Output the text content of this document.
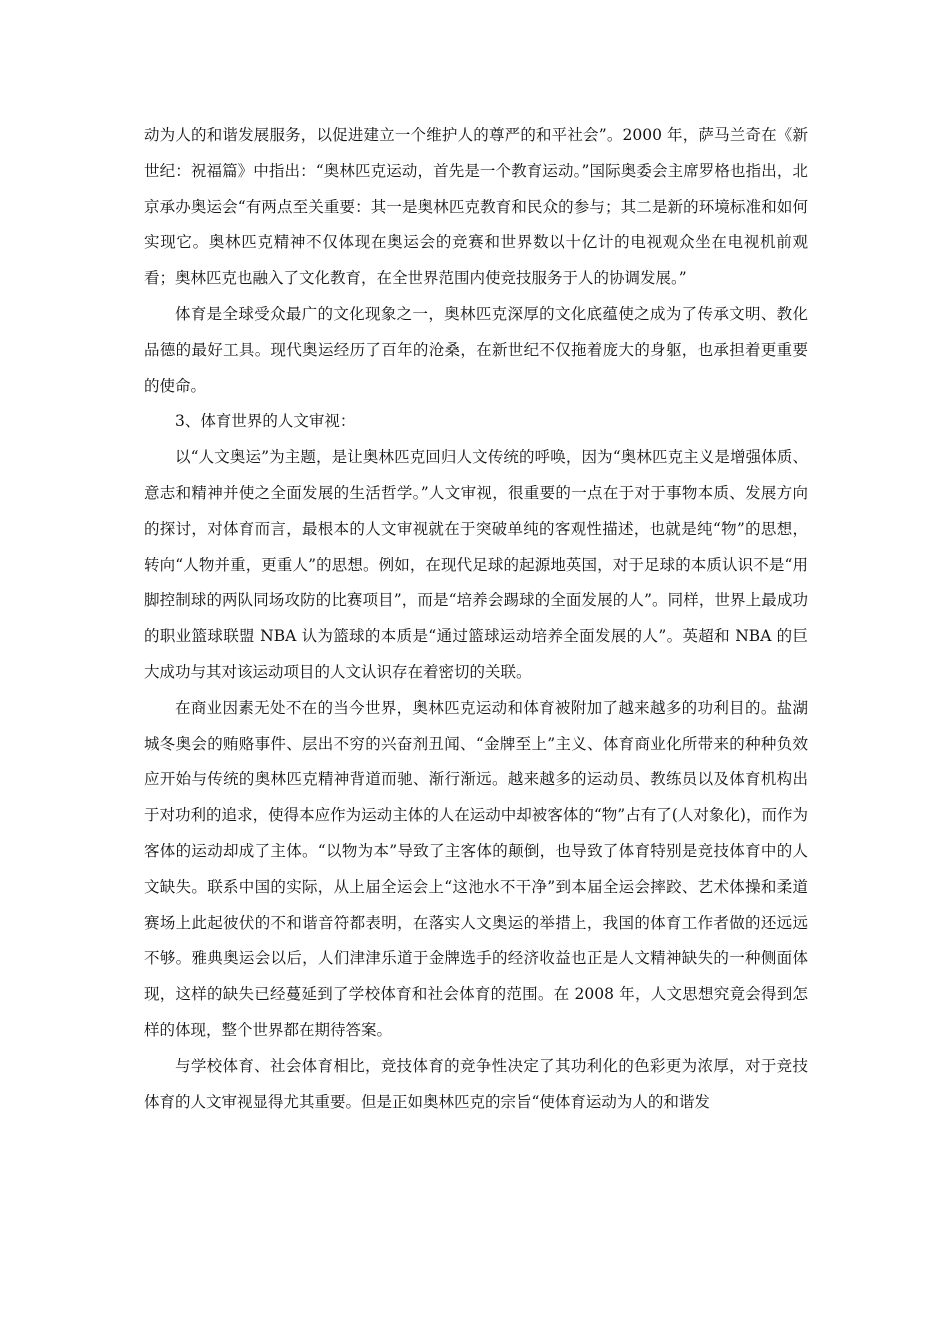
动为人的和谐发展服务，以促进建立一个维护人的尊严的和平社会”。2000 年，萨马兰奇在《新世纪：祝福篇》中指出：“奥林匹克运动，首先是一个教育运动。”国际奥委会主席罗格也指出，北京承办奥运会“有两点至关重要：其一是奥林匹克教育和民众的参与；其二是新的环境标准和如何实现它。奥林匹克精神不仅体现在奥运会的竞赛和世界数以十亿计的电视观众坐在电视机前观看；奥林匹克也融入了文化教育，在全世界范围内使竞技服务于人的协调发展。”

体育是全球受众最广的文化现象之一，奥林匹克深厚的文化底蕴使之成为了传承文明、教化品德的最好工具。现代奥运经历了百年的沧桑，在新世纪不仅拖着庞大的身躯，也承担着更重要的使命。

3、体育世界的人文审视：

以“人文奥运”为主题，是让奥林匹克回归人文传统的呼唤，因为“奥林匹克主义是增强体质、意志和精神并使之全面发展的生活哲学。”人文审视，很重要的一点在于对于事物本质、发展方向的探讨，对体育而言，最根本的人文审视就在于突破单纯的客观性描述，也就是纯“物”的思想，转向“人物并重，更重人”的思想。例如，在现代足球的起源地英国，对于足球的本质认识不是“用脚控制球的两队同场攻防的比赛项目”，而是“培养会踢球的全面发展的人”。同样，世界上最成功的职业篮球联盟 NBA 认为篮球的本质是“通过篮球运动培养全面发展的人”。英超和 NBA 的巨大成功与其对该运动项目的人文认识存在着密切的关联。

在商业因素无处不在的当今世界，奥林匹克运动和体育被附加了越来越多的功利目的。盐湖城冬奥会的贿赂事件、层出不穷的兴奋剂丑闻、“金牌至上”主义、体育商业化所带来的种种负效应开始与传统的奥林匹克精神背道而驰、渐行渐远。越来越多的运动员、教练员以及体育机构出于对功利的追求，使得本应作为运动主体的人在运动中却被客体的“物”占有了(人对象化)，而作为客体的运动却成了主体。“以物为本”导致了主客体的颠倒，也导致了体育特别是竞技体育中的人文缺失。联系中国的实际，从上届全运会上“这池水不干净”到本届全运会摔跤、艺术体操和柔道赛场上此起彼伏的不和谐音符都表明，在落实人文奥运的举措上，我国的体育工作者做的还远远不够。雅典奥运会以后，人们津津乐道于金牌选手的经济收益也正是人文精神缺失的一种侧面体现，这样的缺失已经蔓延到了学校体育和社会体育的范围。在 2008 年，人文思想究竟会得到怎样的体现，整个世界都在期待答案。

与学校体育、社会体育相比，竞技体育的竞争性决定了其功利化的色彩更为浓厚，对于竞技体育的人文审视显得尤其重要。但是正如奥林匹克的宗旨“使体育运动为人的和谐发
